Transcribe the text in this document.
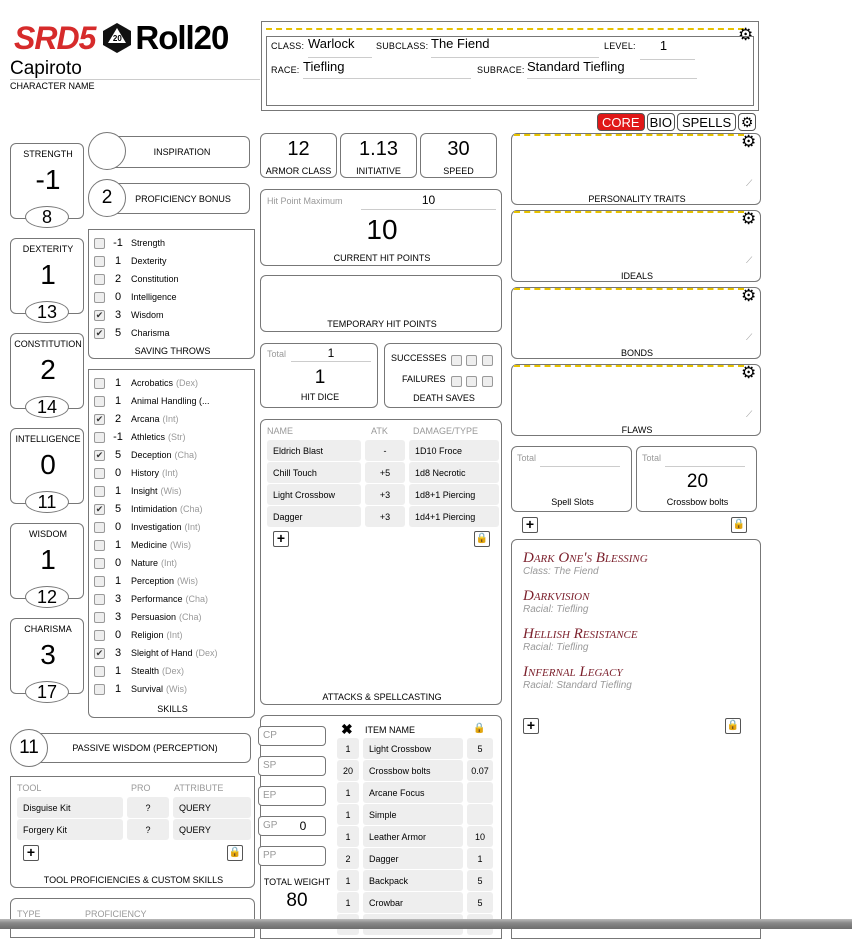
SRD5	20 Roll20
Capiroto
CHARACTER NAME
⚙
CLASS: Warlock	SUBCLASS: The Fiend	LEVEL:	1
RACE: Tiefling	SUBRACE: Standard Tiefling
CORE BIO SPELLS ⚙
STRENGTH
-1
8
DEXTERITY
1
13
CONSTITUTION
2
14
INTELLIGENCE
0
11
WISDOM
1
12
CHARISMA
3
17
INSPIRATION
2	PROFICIENCY BONUS
-1 Strength
1	Dexterity
2	Constitution
0	Intelligence
✔	3	Wisdom
✔	5	Charisma
SAVING THROWS
1	Acrobatics (Dex)
1	Animal Handling (...
✔	2	Arcana (Int)
-1 Athletics (Str)
✔	5	Deception (Cha)
0	History (Int)
1	Insight (Wis)
✔	5	Intimidation (Cha)
0	Investigation (Int)
1	Medicine (Wis)
0	Nature (Int)
1	Perception (Wis)
3	Performance (Cha)
3	Persuasion (Cha)
0	Religion (Int)
✔	3	Sleight of Hand (Dex)
1	Stealth (Dex)
1	Survival (Wis)
SKILLS
11	PASSIVE WISDOM (PERCEPTION)
TOOL	PRO	ATTRIBUTE
Disguise Kit	?	QUERY
Forgery Kit	?	QUERY
+	🔒
TOOL PROFICIENCIES & CUSTOM SKILLS
TYPE	PROFICIENCY
12
ARMOR CLASS
1.13
INITIATIVE
30
SPEED
Hit Point Maximum	10
10
CURRENT HIT POINTS
TEMPORARY HIT POINTS
Total	1
1
HIT DICE
SUCCESSES

FAILURES

DEATH SAVES
NAME	ATK	DAMAGE/TYPE
Eldrich Blast	-	1D10 Froce
Chill Touch	+5	1d8 Necrotic
Light Crossbow	+3	1d8+1 Piercing
Dagger	+3	1d4+1 Piercing
+	🔒
ATTACKS & SPELLCASTING
CP
SP
EP
GP	0
PP
TOTAL WEIGHT
80
✖ ITEM NAME	🔒
1	Light Crossbow	5
20	Crossbow bolts	0.07
1	Arcane Focus
1	Simple
1	Leather Armor	10
2	Dagger	1
1	Backpack	5
1	Crowbar	5
⚙
⟋
PERSONALITY TRAITS
⚙
⟋
IDEALS
⚙
⟋
BONDS
⚙
⟋
FLAWS
Total
Spell Slots
Total
20
Crossbow bolts
+	🔒
Dark One's Blessing
Class: The Fiend
Darkvision
Racial: Tiefling
Hellish Resistance
Racial: Tiefling
Infernal Legacy
Racial: Standard Tiefling
+	🔒
